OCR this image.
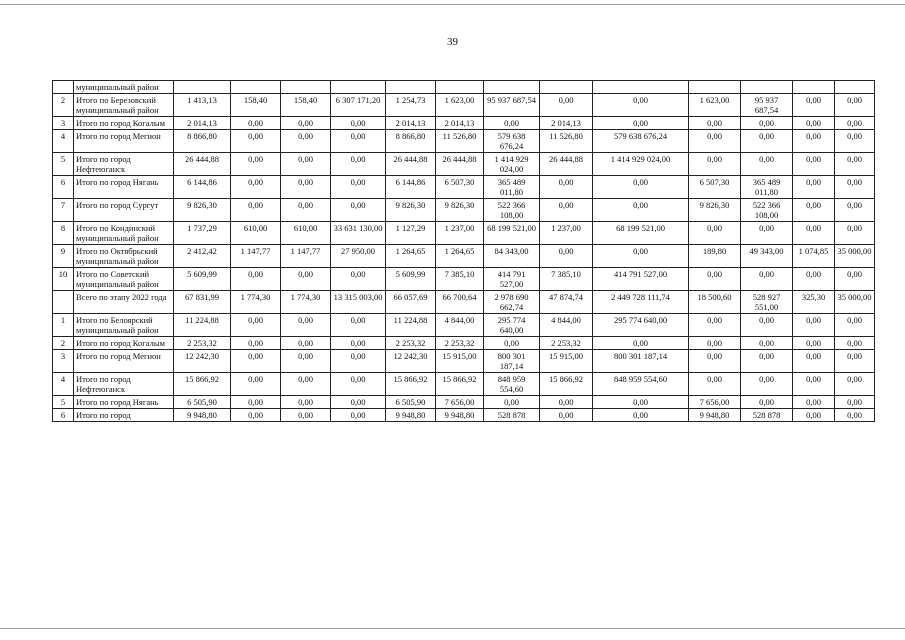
39
	муниципальный район													
2	Итого по Березовский муниципальный район	1 413,13	158,40	158,40	6 307 171,20	1 254,73	1 623,00	95 937 687,54	0,00	0,00	1 623,00	95 937 687,54	0,00	0,00
3	Итого по город Когалым	2 014,13	0,00	0,00	0,00	2 014,13	2 014,13	0,00	2 014,13	0,00	0,00	0,00	0,00	0,00
4	Итого по город Мегион	8 866,80	0,00	0,00	0,00	8 866,80	11 526,80	579 638 676,24	11 526,80	579 638 676,24	0,00	0,00	0,00	0,00
5	Итого по город Нефтеюганск	26 444,88	0,00	0,00	0,00	26 444,88	26 444,88	1 414 929 024,00	26 444,88	1 414 929 024,00	0,00	0,00	0,00	0,00
6	Итого по город Нягань	6 144,86	0,00	0,00	0,00	6 144,86	6 507,30	365 489 011,80	0,00	0,00	6 507,30	365 489 011,80	0,00	0,00
7	Итого по город Сургут	9 826,30	0,00	0,00	0,00	9 826,30	9 826,30	522 366 108,00	0,00	0,00	9 826,30	522 366 108,00	0,00	0,00
8	Итого по Кондинский муниципальный район	1 737,29	610,00	610,00	33 631 130,00	1 127,29	1 237,00	68 199 521,00	1 237,00	68 199 521,00	0,00	0,00	0,00	0,00
9	Итого по Октябрьский муниципальный район	2 412,42	1 147,77	1 147,77	27 950,00	1 264,65	1 264,65	84 343,00	0,00	0,00	189,80	49 343,00	1 074,85	35 000,00
10	Итого по Советский муниципальный район	5 609,99	0,00	0,00	0,00	5 609,99	7 385,10	414 791 527,00	7 385,10	414 791 527,00	0,00	0,00	0,00	0,00
	Всего по этапу 2022 года	67 831,99	1 774,30	1 774,30	13 315 003,00	66 057,69	66 700,64	2 978 690 662,74	47 874,74	2 449 728 111,74	18 500,60	528 927 551,00	325,30	35 000,00
1	Итого по Белоярский муниципальный район	11 224,88	0,00	0,00	0,00	11 224,88	4 844,00	295 774 640,00	4 844,00	295 774 640,00	0,00	0,00	0,00	0,00
2	Итого по город Когалым	2 253,32	0,00	0,00	0,00	2 253,32	2 253,32	0,00	2 253,32	0,00	0,00	0,00	0,00	0,00
3	Итого по город Мегион	12 242,30	0,00	0,00	0,00	12 242,30	15 915,00	800 301 187,14	15 915,00	800 301 187,14	0,00	0,00	0,00	0,00
4	Итого по город Нефтеюганск	15 866,92	0,00	0,00	0,00	15 866,92	15 866,92	848 959 554,60	15 866,92	848 959 554,60	0,00	0,00	0,00	0,00
5	Итого по город Нягань	6 505,90	0,00	0,00	0,00	6 505,90	7 656,00	0,00	0,00	0,00	7 656,00	0,00	0,00	0,00
6	Итого по город	9 948,80	0,00	0,00	0,00	9 948,80	9 948,80	528 878	0,00	0,00	9 948,80	528 878	0,00	0,00
